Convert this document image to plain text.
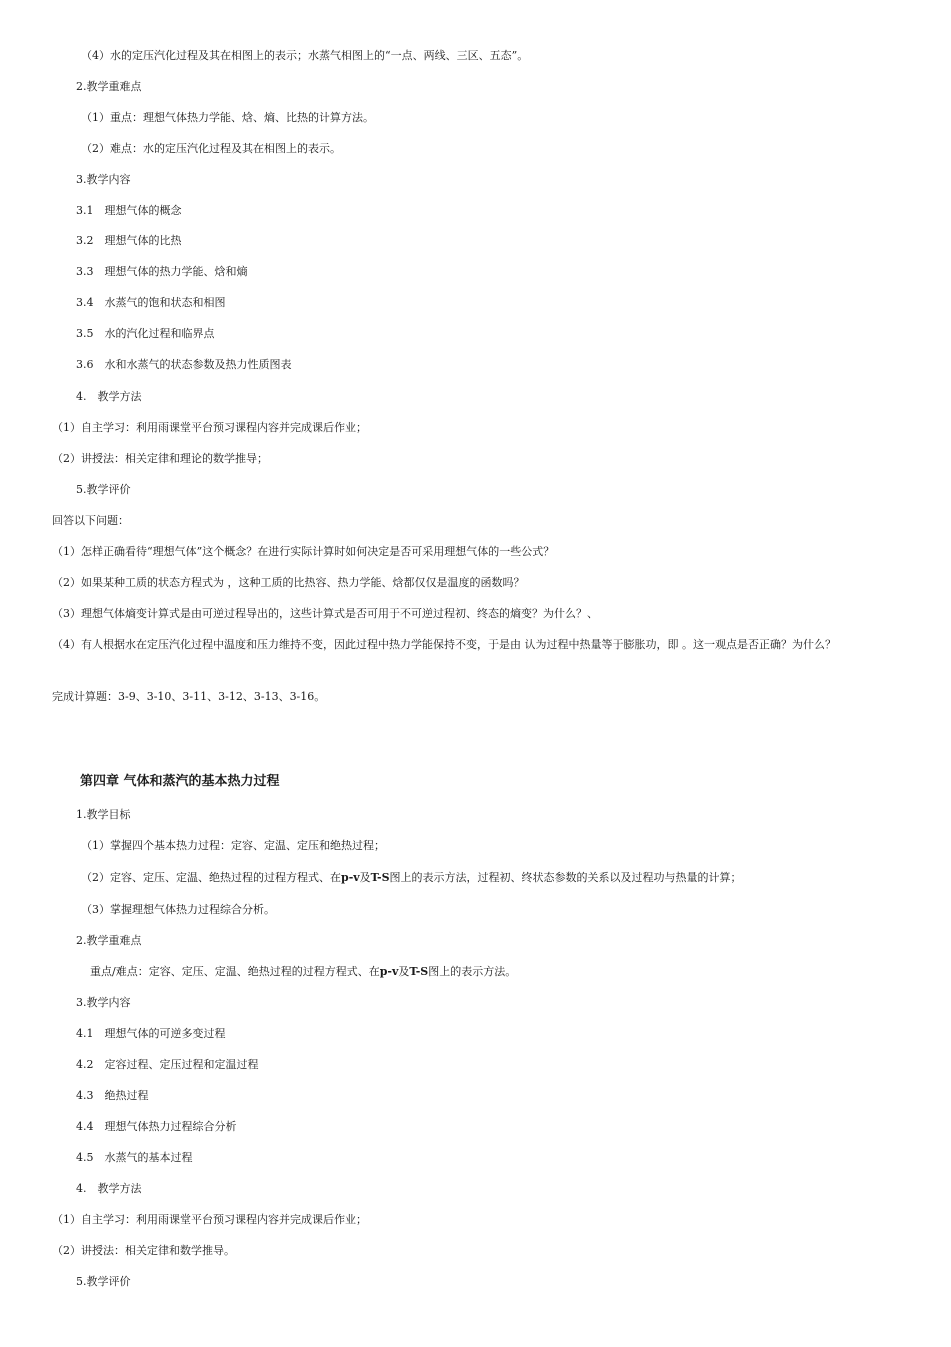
（4）水的定压汽化过程及其在相图上的表示；水蒸气相图上的“一点、两线、三区、五态”。
2.教学重难点
（1）重点：理想气体热力学能、焓、熵、比热的计算方法。
（2）难点：水的定压汽化过程及其在相图上的表示。
3.教学内容
3.1　理想气体的概念
3.2　理想气体的比热
3.3　理想气体的热力学能、焓和熵
3.4　水蒸气的饱和状态和相图
3.5　水的汽化过程和临界点
3.6　水和水蒸气的状态参数及热力性质图表
4.　教学方法
（1）自主学习：利用雨课堂平台预习课程内容并完成课后作业；
（2）讲授法：相关定律和理论的数学推导；
5.教学评价
回答以下问题：
（1）怎样正确看待“理想气体”这个概念？在进行实际计算时如何决定是否可采用理想气体的一些公式？
（2）如果某种工质的状态方程式为 ，这种工质的比热容、热力学能、焓都仅仅是温度的函数吗？
（3）理想气体熵变计算式是由可逆过程导出的，这些计算式是否可用于不可逆过程初、终态的熵变？为什么？、
（4）有人根据水在定压汽化过程中温度和压力维持不变，因此过程中热力学能保持不变，于是由 认为过程中热量等于膨胀功，即 。这一观点是否正确？为什么？
完成计算题：3-9、3-10、3-11、3-12、3-13、3-16。
第四章 气体和蒸汽的基本热力过程
1.教学目标
（1）掌握四个基本热力过程：定容、定温、定压和绝热过程；
（2）定容、定压、定温、绝热过程的过程方程式、在p-v及T-S图上的表示方法，过程初、终状态参数的关系以及过程功与热量的计算；
（3）掌握理想气体热力过程综合分析。
2.教学重难点
重点/难点：定容、定压、定温、绝热过程的过程方程式、在p-v及T-S图上的表示方法。
3.教学内容
4.1　理想气体的可逆多变过程
4.2　定容过程、定压过程和定温过程
4.3　绝热过程
4.4　理想气体热力过程综合分析
4.5　水蒸气的基本过程
4.　教学方法
（1）自主学习：利用雨课堂平台预习课程内容并完成课后作业；
（2）讲授法：相关定律和数学推导。
5.教学评价
